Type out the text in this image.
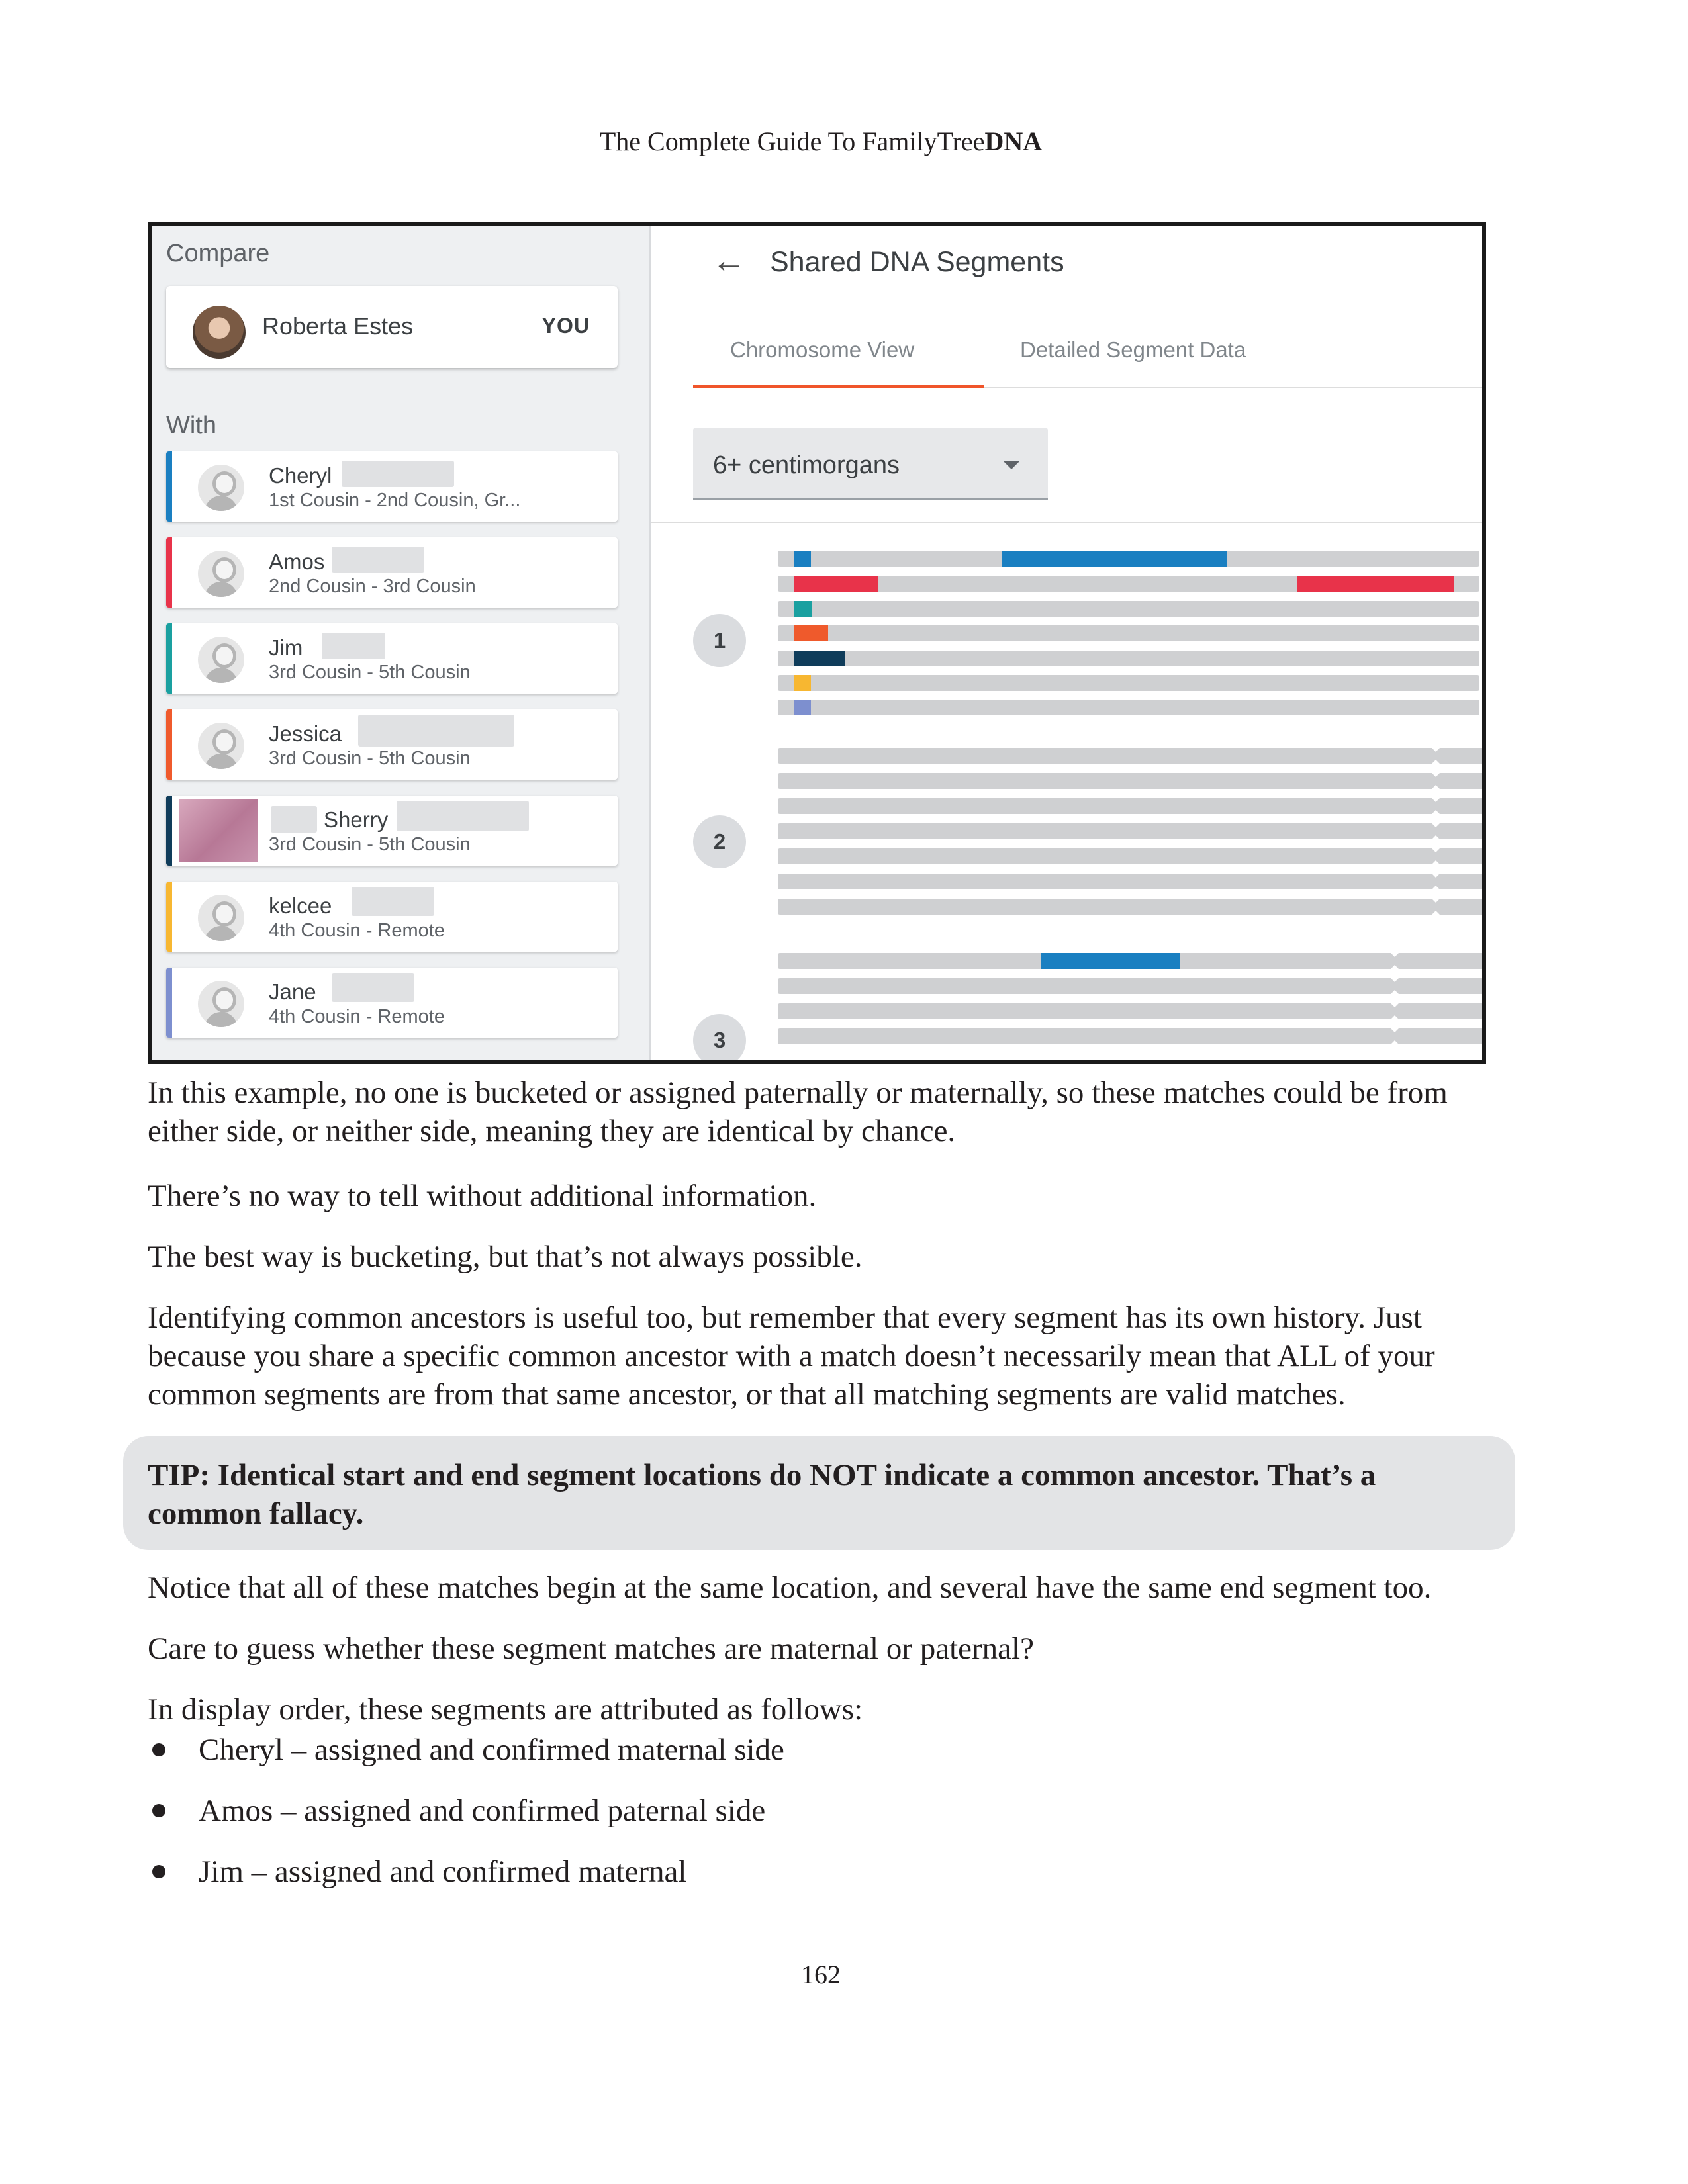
The Complete Guide To FamilyTreeDNA
Compare
Roberta Estes	YOU
With
Cheryl
1st Cousin - 2nd Cousin, Gr...
Amos
2nd Cousin - 3rd Cousin
Jim
3rd Cousin - 5th Cousin
Jessica
3rd Cousin - 5th Cousin
Sherry
3rd Cousin - 5th Cousin
kelcee
4th Cousin - Remote
Jane
4th Cousin - Remote
← Shared DNA Segments
Chromosome View	Detailed Segment Data
6+ centimorgans
1
2
3
In this example, no one is bucketed or assigned paternally or maternally, so these matches could be from either side, or neither side, meaning they are identical by chance.
There’s no way to tell without additional information.
The best way is bucketing, but that’s not always possible.
Identifying common ancestors is useful too, but remember that every segment has its own history. Just because you share a specific common ancestor with a match doesn’t necessarily mean that ALL of your common segments are from that same ancestor, or that all matching segments are valid matches.
TIP: Identical start and end segment locations do NOT indicate a common ancestor. That’s a common fallacy.
Notice that all of these matches begin at the same location, and several have the same end segment too.
Care to guess whether these segment matches are maternal or paternal?
In display order, these segments are attributed as follows:
Cheryl – assigned and confirmed maternal side
Amos – assigned and confirmed paternal side
Jim – assigned and confirmed maternal
162
